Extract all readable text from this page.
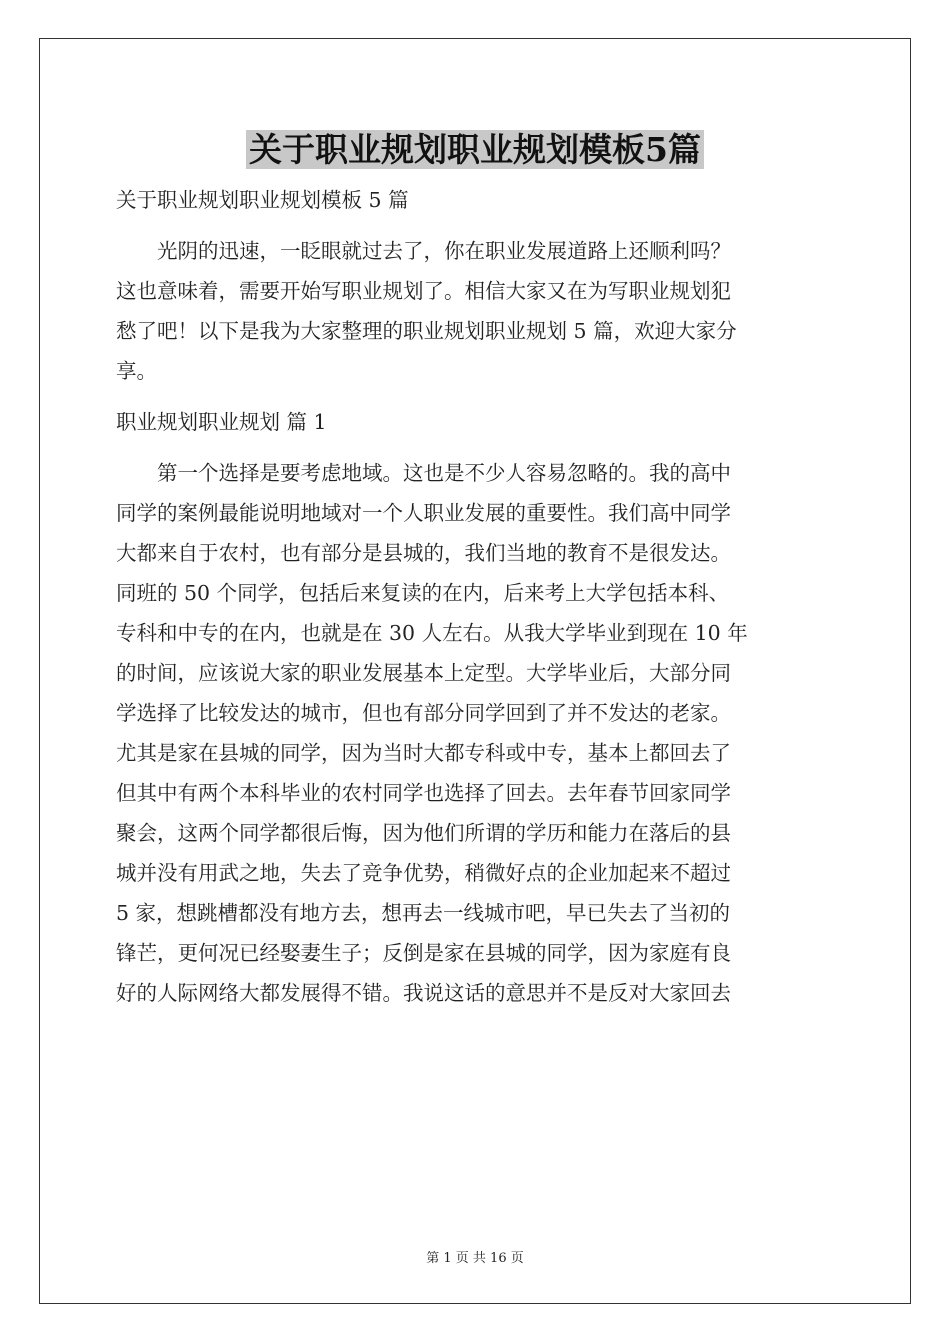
关于职业规划职业规划模板5篇
关于职业规划职业规划模板 5 篇
　　光阴的迅速，一眨眼就过去了，你在职业发展道路上还顺利吗？
这也意味着，需要开始写职业规划了。相信大家又在为写职业规划犯
愁了吧！以下是我为大家整理的职业规划职业规划 5 篇，欢迎大家分
享。
职业规划职业规划 篇 1
　　第一个选择是要考虑地域。这也是不少人容易忽略的。我的高中
同学的案例最能说明地域对一个人职业发展的重要性。我们高中同学
大都来自于农村，也有部分是县城的，我们当地的教育不是很发达。
同班的 50 个同学，包括后来复读的在内，后来考上大学包括本科、
专科和中专的在内，也就是在 30 人左右。从我大学毕业到现在 10 年
的时间，应该说大家的职业发展基本上定型。大学毕业后，大部分同
学选择了比较发达的城市，但也有部分同学回到了并不发达的老家。
尤其是家在县城的同学，因为当时大都专科或中专，基本上都回去了
但其中有两个本科毕业的农村同学也选择了回去。去年春节回家同学
聚会，这两个同学都很后悔，因为他们所谓的学历和能力在落后的县
城并没有用武之地，失去了竞争优势，稍微好点的企业加起来不超过
5 家，想跳槽都没有地方去，想再去一线城市吧，早已失去了当初的
锋芒，更何况已经娶妻生子；反倒是家在县城的同学，因为家庭有良
好的人际网络大都发展得不错。我说这话的意思并不是反对大家回去
第 1 页 共 16 页
